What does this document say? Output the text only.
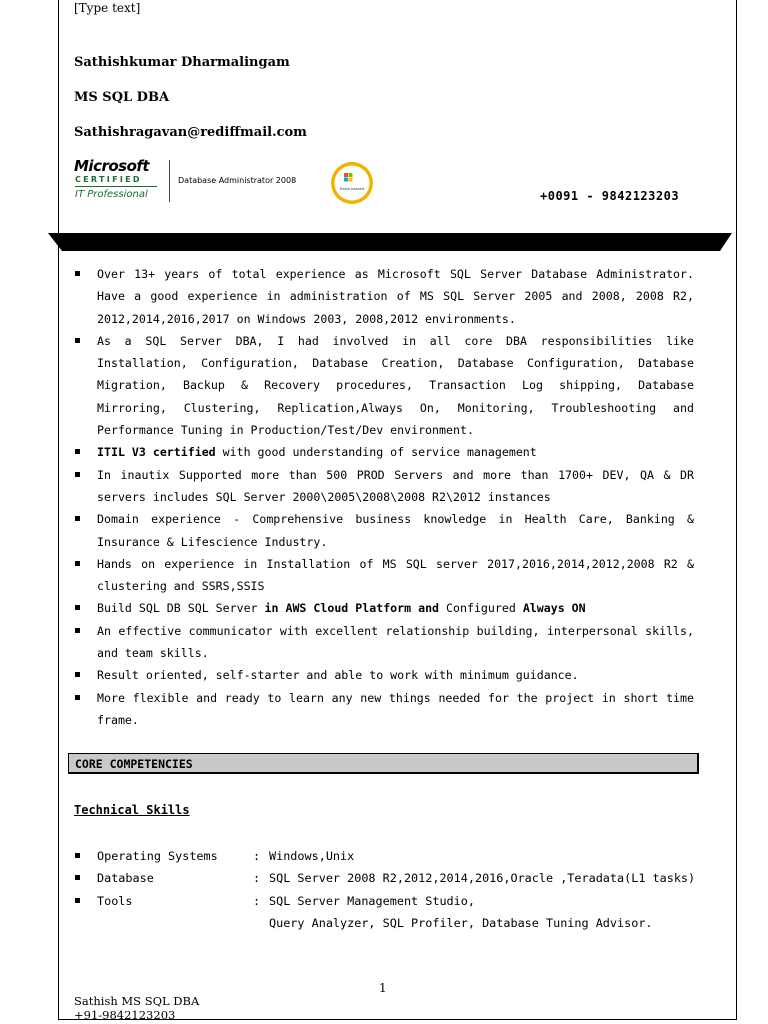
[Type text]
Sathishkumar Dharmalingam
MS SQL DBA
Sathishragavan@rediffmail.com
Microsoft
CERTIFIED
IT Professional
Database Administrator 2008
Exam passed	+0091 - 9842123203
Over 13+ years of total experience as Microsoft SQL Server Database Administrator. Have a good experience in administration of MS SQL Server 2005 and 2008, 2008 R2, 2012,2014,2016,2017 on Windows 2003, 2008,2012 environments.
As a SQL Server DBA, I had involved in all core DBA responsibilities like Installation, Configuration, Database Creation, Database Configuration, Database Migration, Backup & Recovery procedures, Transaction Log shipping, Database Mirroring, Clustering, Replication,Always On, Monitoring, Troubleshooting and Performance Tuning in Production/Test/Dev environment.
ITIL V3 certified with good understanding of service management
In inautix Supported more than 500 PROD Servers and more than 1700+ DEV, QA & DR servers includes SQL Server 2000\2005\2008\2008 R2\2012 instances
Domain experience - Comprehensive business knowledge in Health Care, Banking & Insurance & Lifescience Industry.
Hands on experience in Installation of MS SQL server 2017,2016,2014,2012,2008 R2 & clustering and SSRS,SSIS
Build SQL DB SQL Server in AWS Cloud Platform and Configured Always ON
An effective communicator with excellent relationship building, interpersonal skills, and team skills.
Result oriented, self-starter and able to work with minimum guidance.
More flexible and ready to learn any new things needed for the project in short time frame.
CORE COMPETENCIES
Technical Skills
Operating Systems	: Windows,Unix
Database	: SQL Server 2008 R2,2012,2014,2016,Oracle ,Teradata(L1 tasks)
Tools	: SQL Server Management Studio,
Query Analyzer, SQL Profiler, Database Tuning Advisor.
1
Sathish MS SQL DBA
+91-9842123203
